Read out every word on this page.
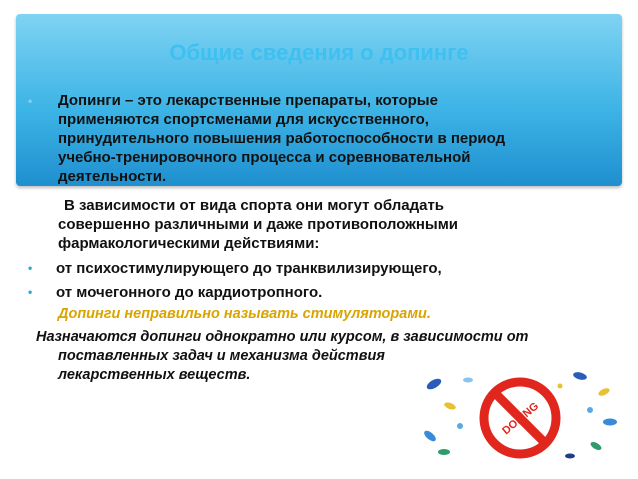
Общие сведения о допинге
• Допинги – это лекарственные препараты, которые
применяются спортсменами для искусственного,
принудительного повышения работоспособности в период
учебно-тренировочного процесса и соревновательной
деятельности.
В зависимости от вида спорта они могут обладать
совершенно различными и даже противоположными
фармакологическими действиями:
• от психостимулирующего до транквилизирующего,
• от мочегонного до кардиотропного.
Допинги неправильно называть стимуляторами.
Назначаются допинги однократно или курсом, в зависимости от
поставленных задач и механизма действия
лекарственных веществ.
DOPING
